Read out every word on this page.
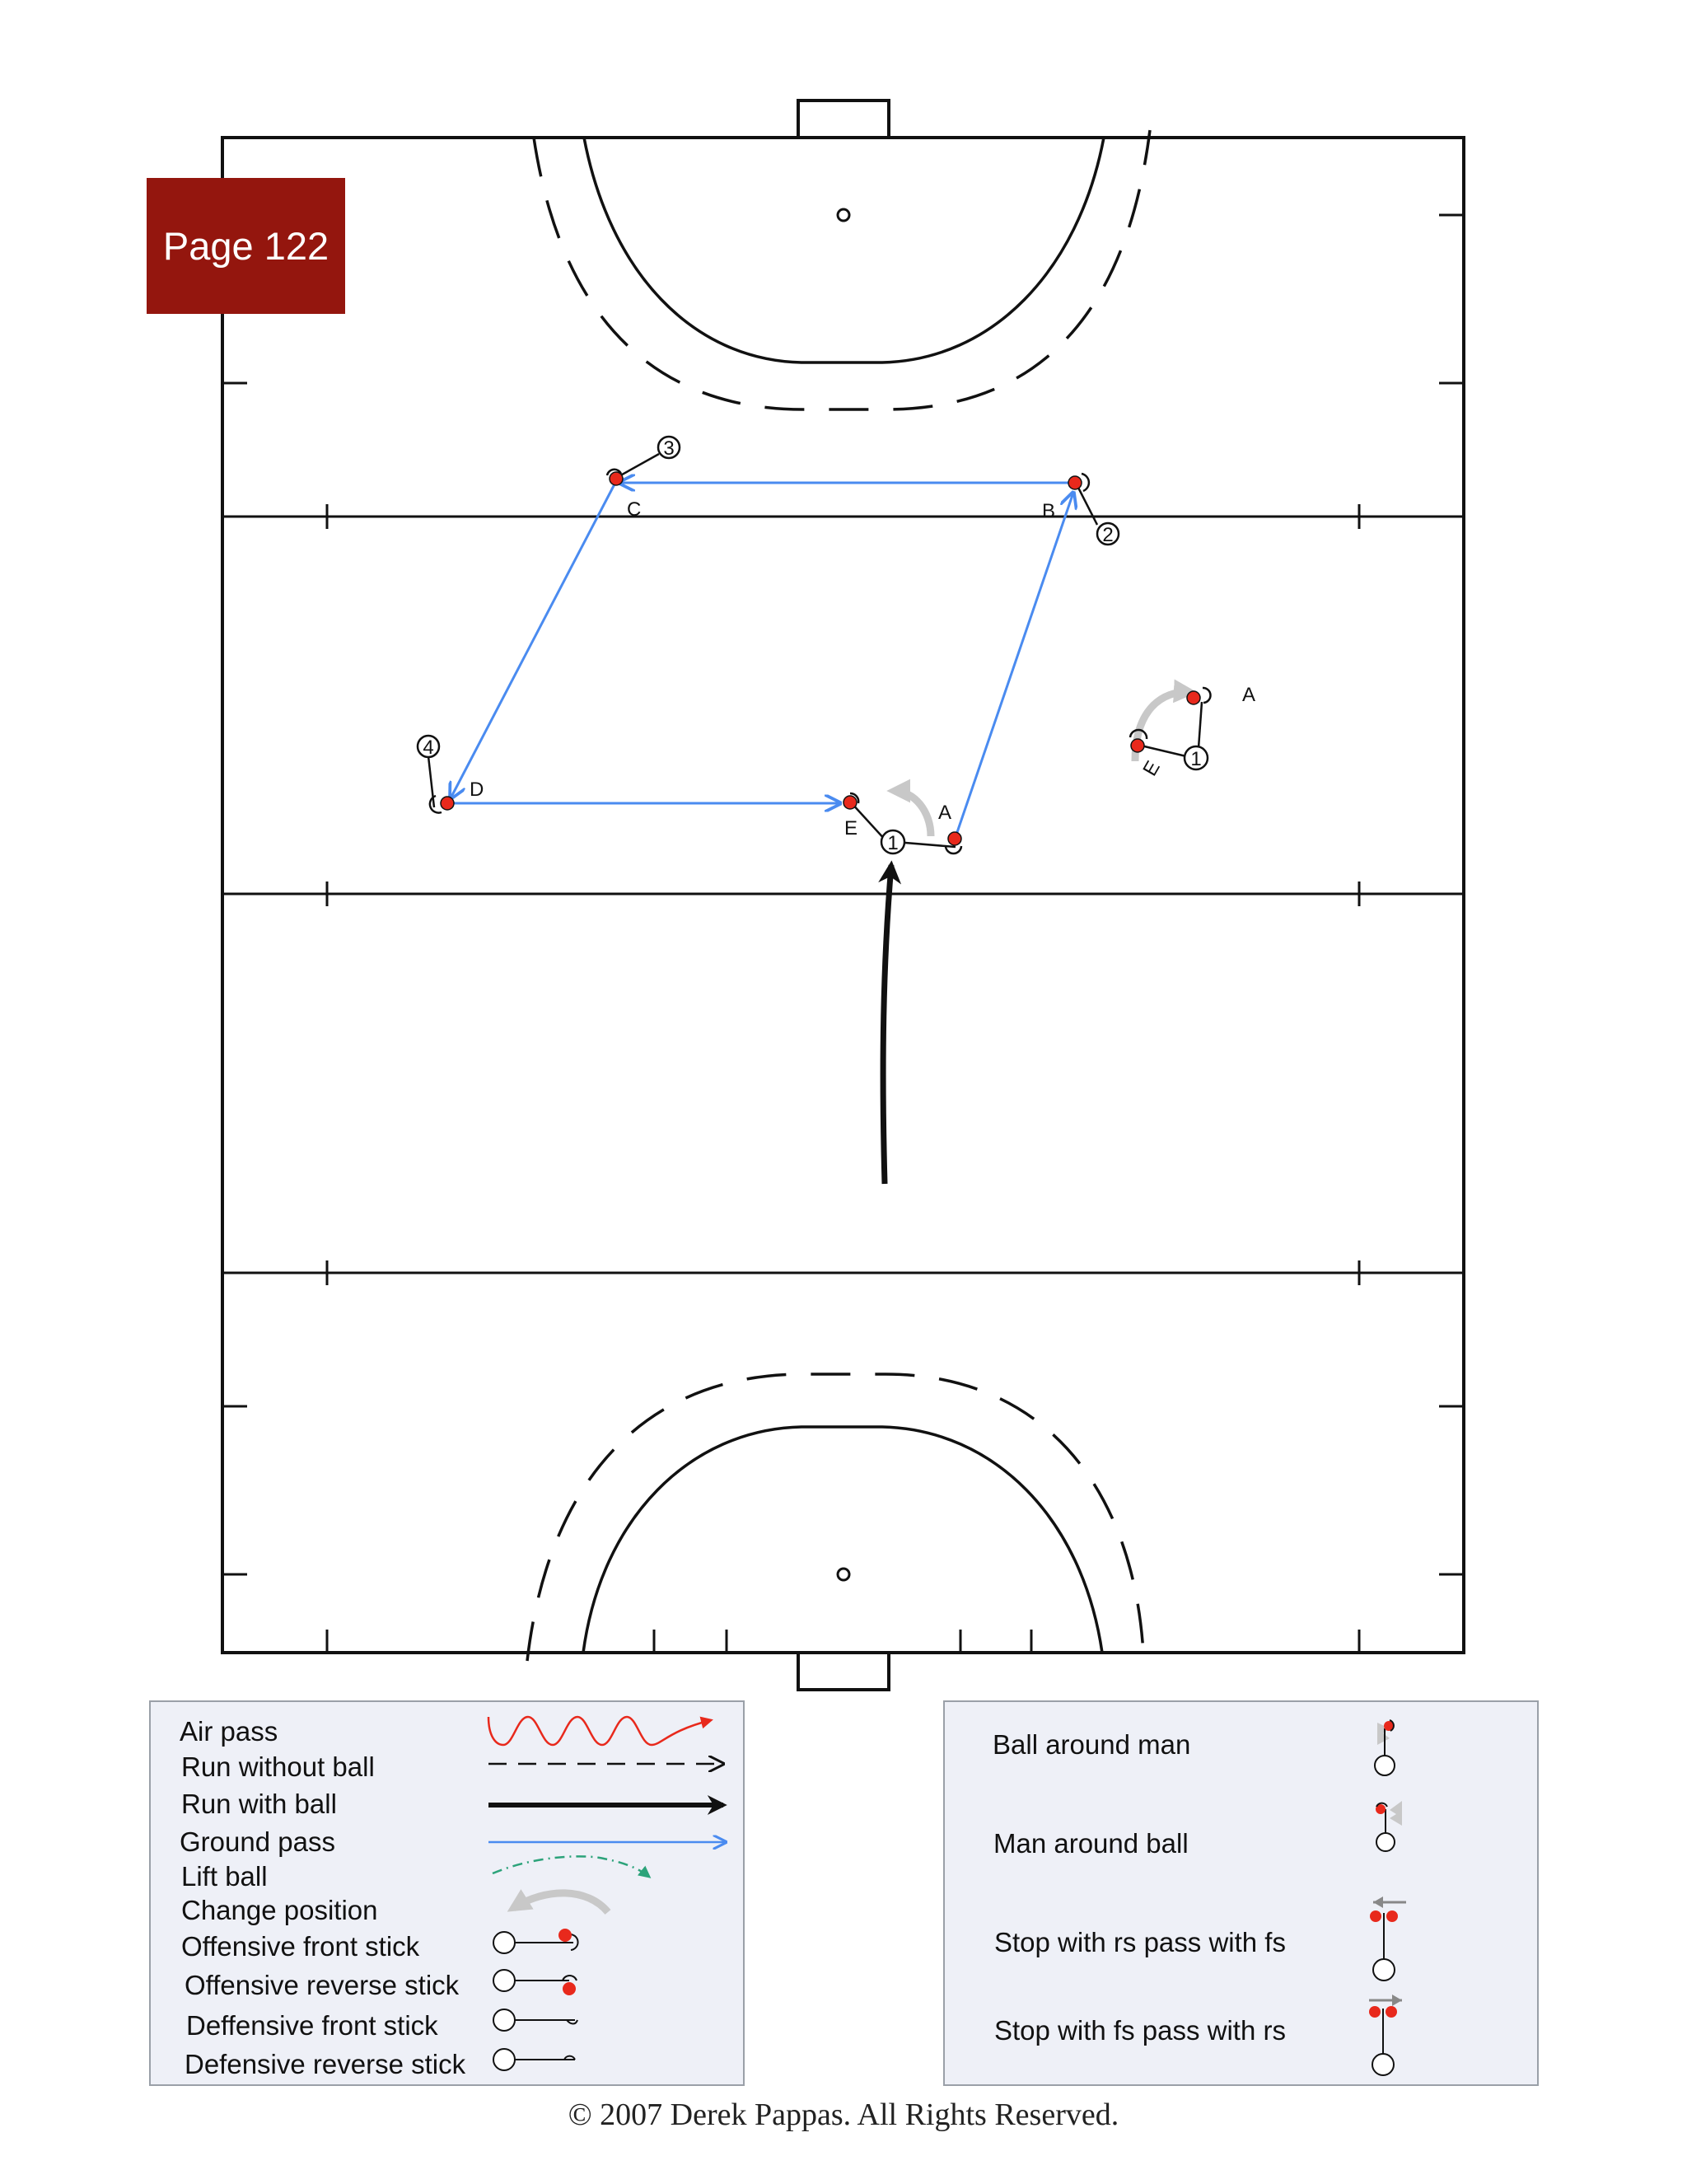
3
C
2
B
4
D
E
A
1
E
A
1
Page 122
Air pass
Run without ball
Run with ball
Ground pass
Lift ball
Change position
Offensive front stick
Offensive reverse stick
Deffensive front stick
Defensive reverse stick
Ball around man
Man around ball
Stop with rs pass with fs
Stop with fs pass with rs
© 2007 Derek Pappas. All Rights Reserved.
